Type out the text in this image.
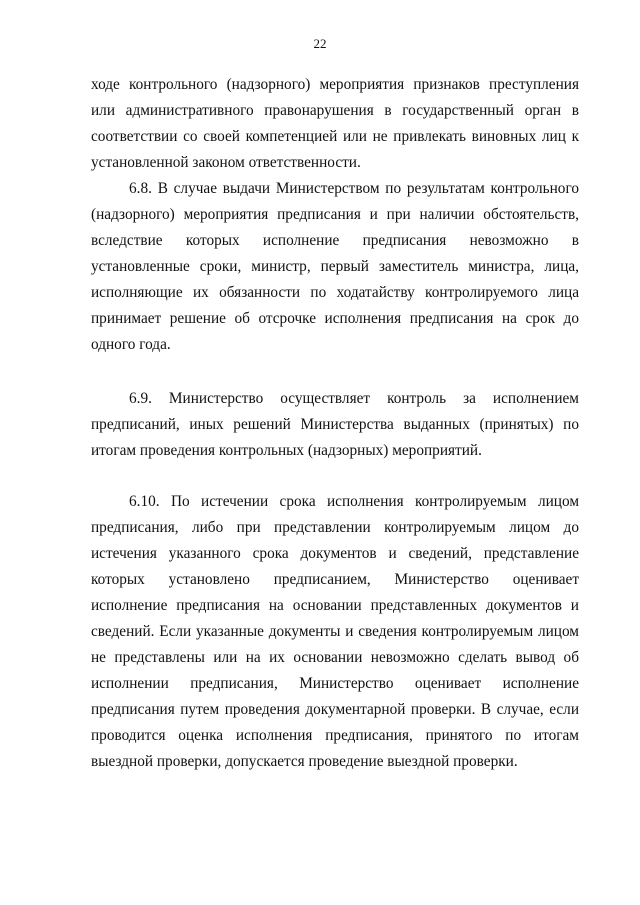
22

ходе контрольного (надзорного) мероприятия признаков преступления или административного правонарушения в государственный орган в соответствии со своей компетенцией или не привлекать виновных лиц к установленной законом ответственности.

6.8. В случае выдачи Министерством по результатам контрольного (надзорного) мероприятия предписания и при наличии обстоятельств, вследствие которых исполнение предписания невозможно в установленные сроки, министр, первый заместитель министра, лица, исполняющие их обязанности по ходатайству контролируемого лица принимает решение об отсрочке исполнения предписания на срок до одного года.

6.9. Министерство осуществляет контроль за исполнением предписаний, иных решений Министерства выданных (принятых) по итогам проведения контрольных (надзорных) мероприятий.

6.10. По истечении срока исполнения контролируемым лицом предписания, либо при представлении контролируемым лицом до истечения указанного срока документов и сведений, представление которых установлено предписанием, Министерство оценивает исполнение предписания на основании представленных документов и сведений. Если указанные документы и сведения контролируемым лицом не представлены или на их основании невозможно сделать вывод об исполнении предписания, Министерство оценивает исполнение предписания путем проведения документарной проверки. В случае, если проводится оценка исполнения предписания, принятого по итогам выездной проверки, допускается проведение выездной проверки.
